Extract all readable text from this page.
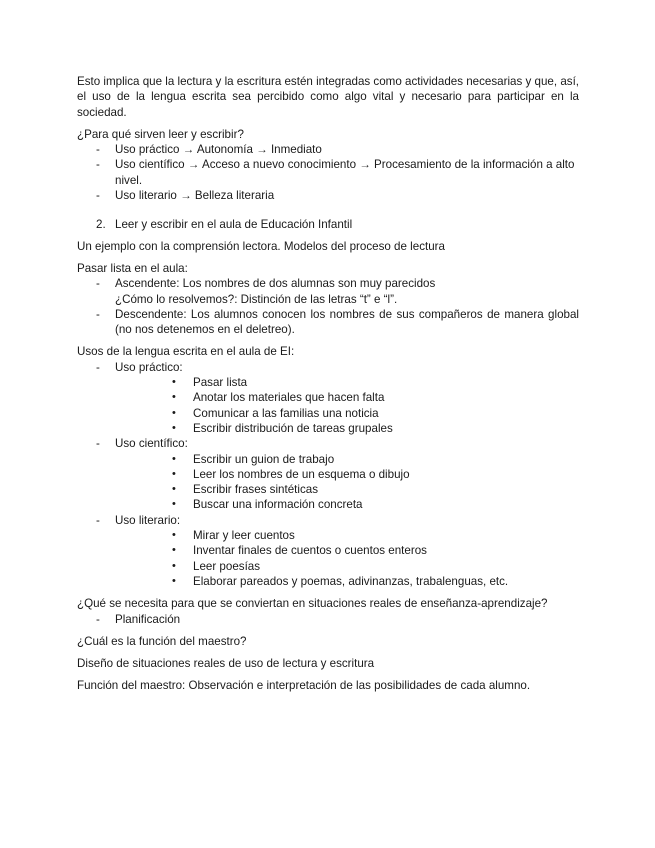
Esto implica que la lectura y la escritura estén integradas como actividades necesarias y que, así, el uso de la lengua escrita sea percibido como algo vital y necesario para participar en la sociedad.

¿Para qué sirven leer y escribir?

- Uso práctico → Autonomía → Inmediato
- Uso científico → Acceso a nuevo conocimiento → Procesamiento de la información a alto nivel.
- Uso literario → Belleza literaria
2. Leer y escribir en el aula de Educación Infantil

Un ejemplo con la comprensión lectora. Modelos del proceso de lectura

Pasar lista en el aula:

- Ascendente: Los nombres de dos alumnas son muy parecidos
¿Cómo lo resolvemos?: Distinción de las letras “t” e “l”.
- Descendente: Los alumnos conocen los nombres de sus compañeros de manera global (no nos detenemos en el deletreo).

Usos de la lengua escrita en el aula de EI:

- Uso práctico:
• Pasar lista
• Anotar los materiales que hacen falta
• Comunicar a las familias una noticia
• Escribir distribución de tareas grupales
- Uso científico:
• Escribir un guion de trabajo
• Leer los nombres de un esquema o dibujo
• Escribir frases sintéticas
• Buscar una información concreta
- Uso literario:
• Mirar y leer cuentos
• Inventar finales de cuentos o cuentos enteros
• Leer poesías
• Elaborar pareados y poemas, adivinanzas, trabalenguas, etc.

¿Qué se necesita para que se conviertan en situaciones reales de enseñanza-aprendizaje?

- Planificación

¿Cuál es la función del maestro?

Diseño de situaciones reales de uso de lectura y escritura

Función del maestro: Observación e interpretación de las posibilidades de cada alumno.
